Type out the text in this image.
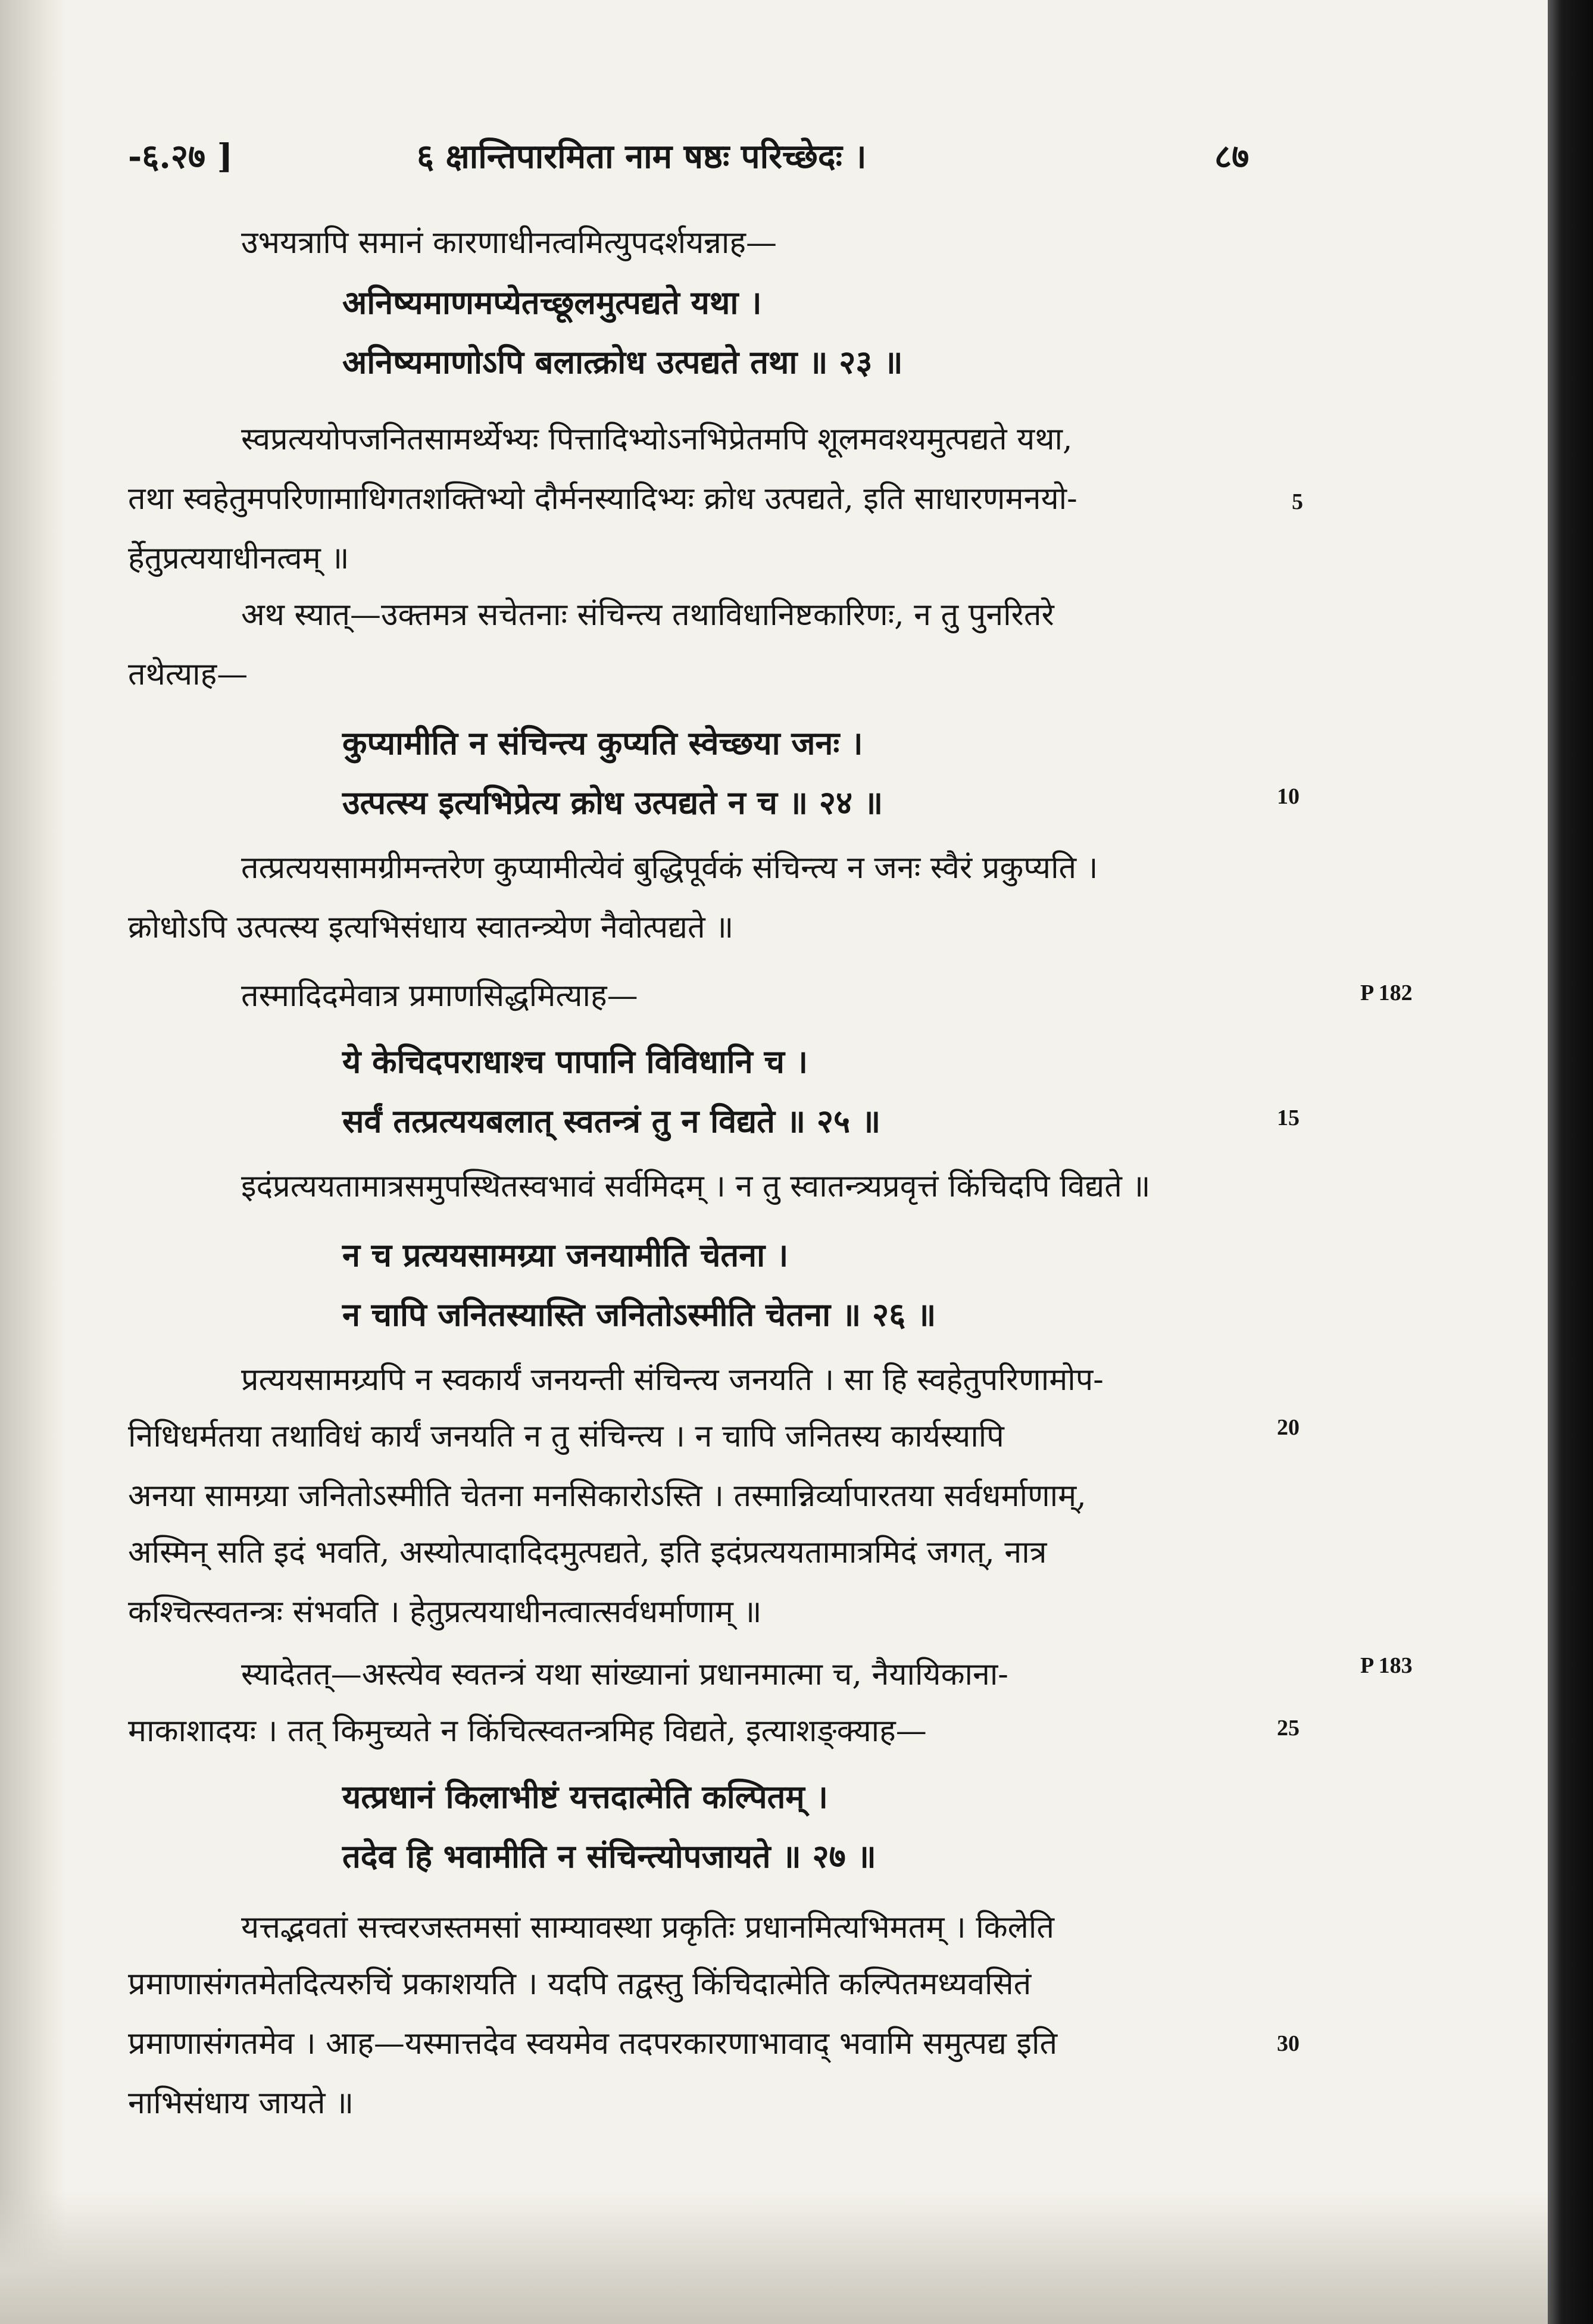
-६.२७ ]	६ क्षान्तिपारमिता नाम षष्ठः परिच्छेदः ।	८७
उभयत्रापि समानं कारणाधीनत्वमित्युपदर्शयन्नाह—
अनिष्यमाणमप्येतच्छूलमुत्पद्यते यथा ।
अनिष्यमाणोऽपि बलात्क्रोध उत्पद्यते तथा ॥ २३ ॥
स्वप्रत्ययोपजनितसामर्थ्येभ्यः पित्तादिभ्योऽनभिप्रेतमपि शूलमवश्यमुत्पद्यते यथा,
तथा स्वहेतुमपरिणामाधिगतशक्तिभ्यो दौर्मनस्यादिभ्यः क्रोध उत्पद्यते, इति साधारणमनयो-
र्हेतुप्रत्ययाधीनत्वम् ॥
अथ स्यात्—उक्तमत्र सचेतनाः संचिन्त्य तथाविधानिष्टकारिणः, न तु पुनरितरे
तथेत्याह—
कुप्यामीति न संचिन्त्य कुप्यति स्वेच्छया जनः ।
उत्पत्स्य इत्यभिप्रेत्य क्रोध उत्पद्यते न च ॥ २४ ॥
तत्प्रत्ययसामग्रीमन्तरेण कुप्यामीत्येवं बुद्धिपूर्वकं संचिन्त्य न जनः स्वैरं प्रकुप्यति ।
क्रोधोऽपि उत्पत्स्य इत्यभिसंधाय स्वातन्त्र्येण नैवोत्पद्यते ॥
तस्मादिदमेवात्र प्रमाणसिद्धमित्याह—
ये केचिदपराधाश्च पापानि विविधानि च ।
सर्वं तत्प्रत्ययबलात् स्वतन्त्रं तु न विद्यते ॥ २५ ॥
इदंप्रत्ययतामात्रसमुपस्थितस्वभावं सर्वमिदम् । न तु स्वातन्त्र्यप्रवृत्तं किंचिदपि विद्यते ॥
न च प्रत्ययसामग्र्या जनयामीति चेतना ।
न चापि जनितस्यास्ति जनितोऽस्मीति चेतना ॥ २६ ॥
प्रत्ययसामग्र्यपि न स्वकार्यं जनयन्ती संचिन्त्य जनयति । सा हि स्वहेतुपरिणामोप-
निधिधर्मतया तथाविधं कार्यं जनयति न तु संचिन्त्य । न चापि जनितस्य कार्यस्यापि
अनया सामग्र्या जनितोऽस्मीति चेतना मनसिकारोऽस्ति । तस्मान्निर्व्यापारतया सर्वधर्माणाम्,
अस्मिन् सति इदं भवति, अस्योत्पादादिदमुत्पद्यते, इति इदंप्रत्ययतामात्रमिदं जगत्, नात्र
कश्चित्स्वतन्त्रः संभवति । हेतुप्रत्ययाधीनत्वात्सर्वधर्माणाम् ॥
स्यादेतत्—अस्त्येव स्वतन्त्रं यथा सांख्यानां प्रधानमात्मा च, नैयायिकाना-
माकाशादयः । तत् किमुच्यते न किंचित्स्वतन्त्रमिह विद्यते, इत्याशङ्क्याह—
यत्प्रधानं किलाभीष्टं यत्तदात्मेति कल्पितम् ।
तदेव हि भवामीति न संचिन्त्योपजायते ॥ २७ ॥
यत्तद्भवतां सत्त्वरजस्तमसां साम्यावस्था प्रकृतिः प्रधानमित्यभिमतम् । किलेति
प्रमाणासंगतमेतदित्यरुचिं प्रकाशयति । यदपि तद्वस्तु किंचिदात्मेति कल्पितमध्यवसितं
प्रमाणासंगतमेव । आह—यस्मात्तदेव स्वयमेव तदपरकारणाभावाद् भवामि समुत्पद्य इति
नाभिसंधाय जायते ॥
5
10
P 182
15
20
P 183
25
30
